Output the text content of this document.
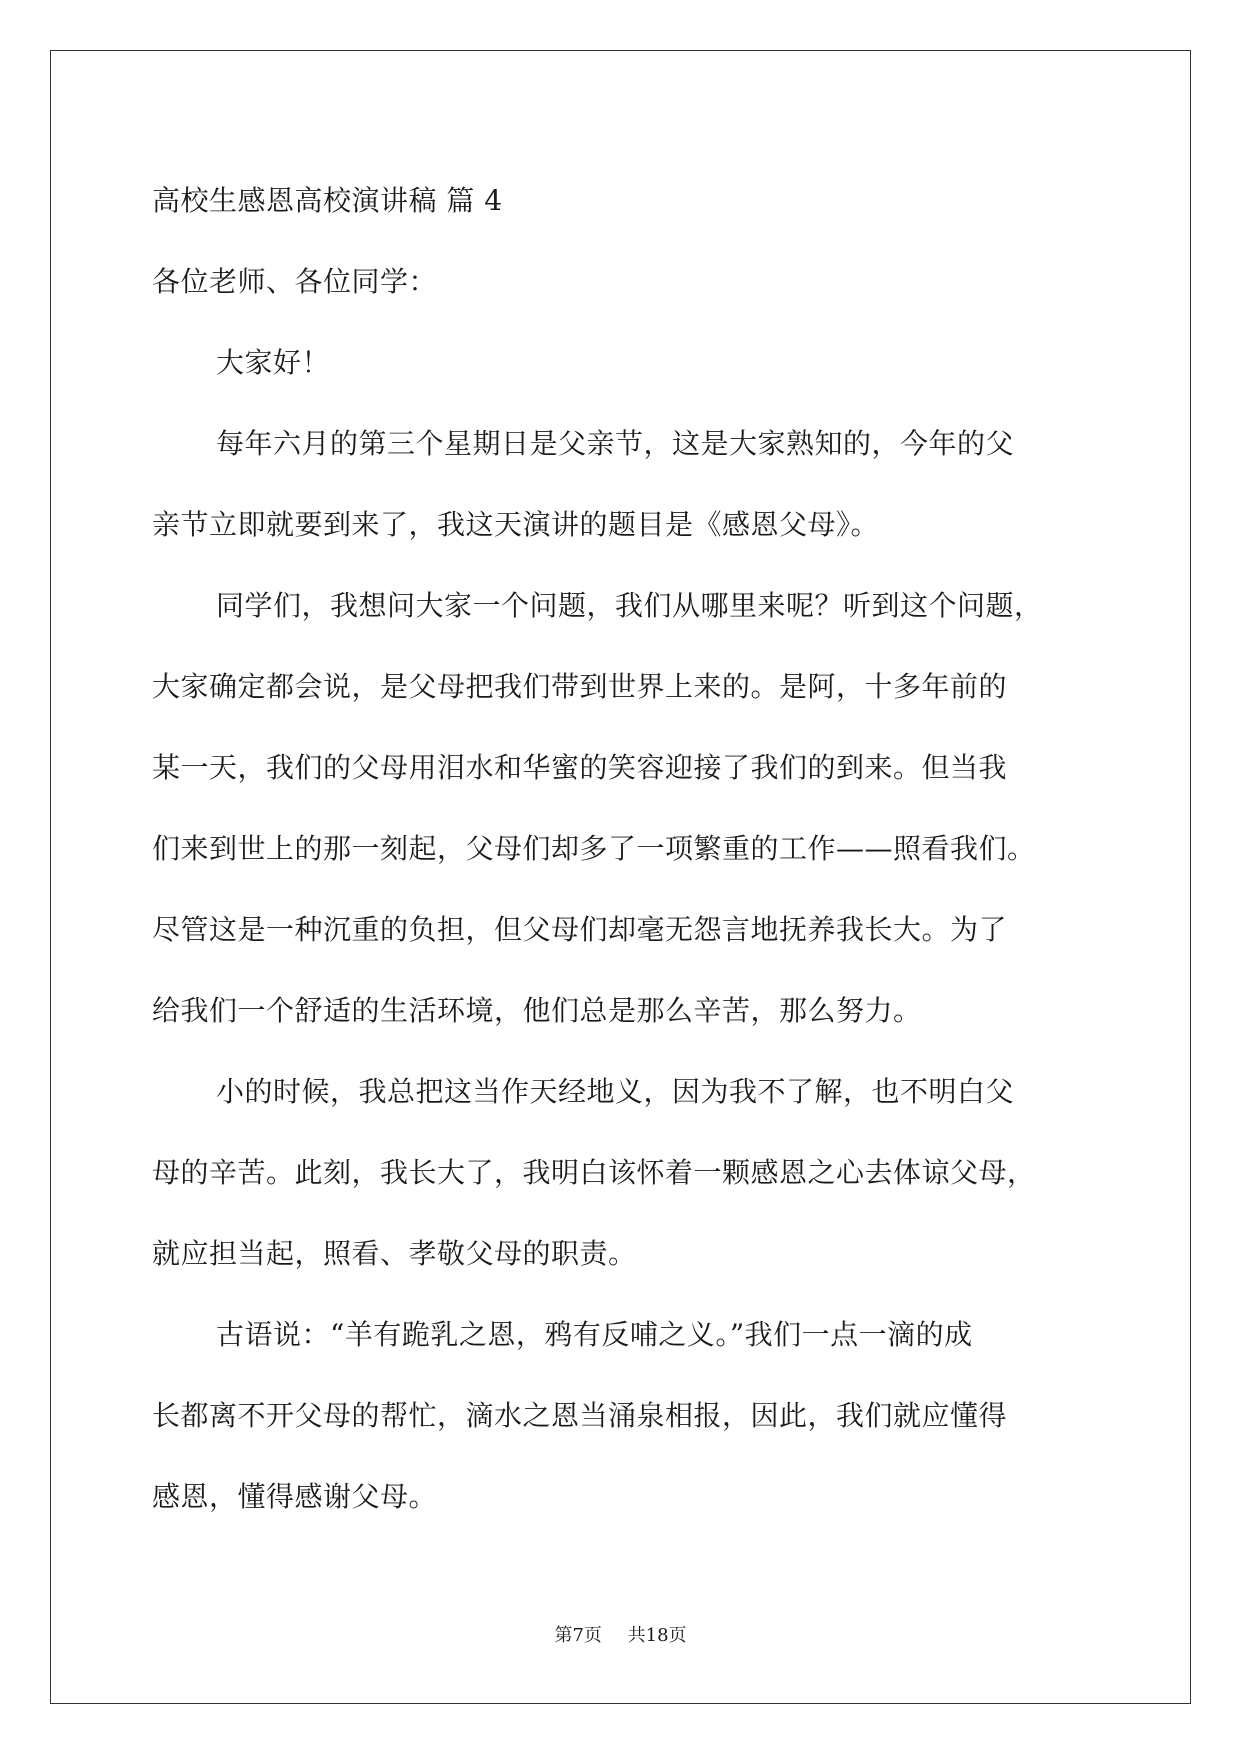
高校生感恩高校演讲稿 篇 4
各位老师、各位同学：
大家好！
每年六月的第三个星期日是父亲节，这是大家熟知的，今年的父
亲节立即就要到来了，我这天演讲的题目是《感恩父母》。
同学们，我想问大家一个问题，我们从哪里来呢？听到这个问题，
大家确定都会说，是父母把我们带到世界上来的。是阿，十多年前的
某一天，我们的父母用泪水和华蜜的笑容迎接了我们的到来。但当我
们来到世上的那一刻起，父母们却多了一项繁重的工作——照看我们。
尽管这是一种沉重的负担，但父母们却毫无怨言地抚养我长大。为了
给我们一个舒适的生活环境，他们总是那么辛苦，那么努力。
小的时候，我总把这当作天经地义，因为我不了解，也不明白父
母的辛苦。此刻，我长大了，我明白该怀着一颗感恩之心去体谅父母，
就应担当起，照看、孝敬父母的职责。
古语说：“羊有跪乳之恩，鸦有反哺之义。”我们一点一滴的成
长都离不开父母的帮忙，滴水之恩当涌泉相报，因此，我们就应懂得
感恩，懂得感谢父母。
第7页 共18页
